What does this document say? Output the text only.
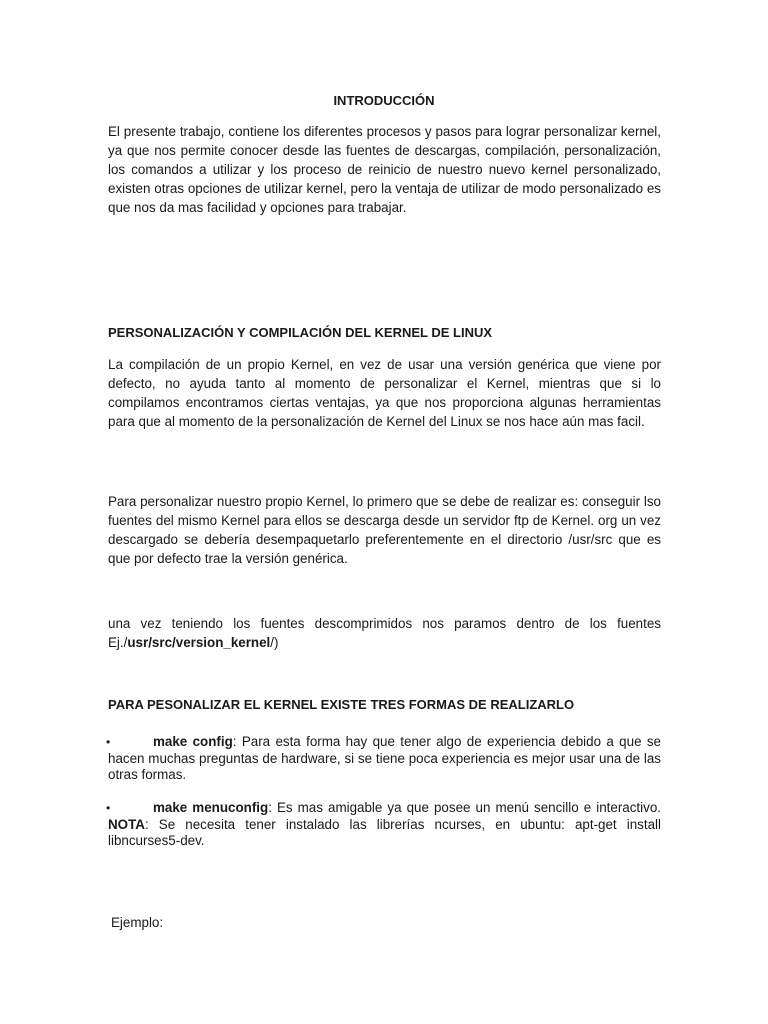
INTRODUCCIÓN
El presente trabajo, contiene los diferentes procesos y pasos para lograr personalizar kernel, ya que nos permite conocer desde las fuentes de descargas, compilación, personalización, los comandos a utilizar y los proceso de reinicio de nuestro nuevo kernel personalizado, existen otras opciones de utilizar kernel, pero la ventaja de utilizar de modo personalizado es que nos da mas facilidad y opciones para trabajar.
PERSONALIZACIÓN Y COMPILACIÓN DEL KERNEL DE LINUX
La compilación de un propio Kernel, en vez de usar una versión genérica que viene por defecto, no ayuda tanto al momento de personalizar el Kernel, mientras que si lo compilamos encontramos ciertas ventajas, ya que nos proporciona algunas herramientas para que al momento de la personalización de Kernel del Linux se nos hace aún mas facil.
Para personalizar nuestro propio Kernel, lo primero que se debe de realizar es: conseguir lso fuentes del mismo Kernel para ellos se descarga desde un servidor ftp de Kernel. org un vez descargado se debería desempaquetarlo preferentemente en el directorio /usr/src que es que por defecto trae la versión genérica.
una vez teniendo los fuentes descomprimidos nos paramos dentro de los fuentes Ej./usr/src/version_kernel/)
PARA PESONALIZAR EL KERNEL EXISTE TRES FORMAS DE REALIZARLO
•	make config: Para esta forma hay que tener algo de experiencia debido a que se hacen muchas preguntas de hardware, si se tiene poca experiencia es mejor usar una de las otras formas.
•	make menuconfig: Es mas amigable ya que posee un menú sencillo e interactivo. NOTA: Se necesita tener instalado las librerías ncurses, en ubuntu: apt-get install libncurses5-dev.
Ejemplo:
